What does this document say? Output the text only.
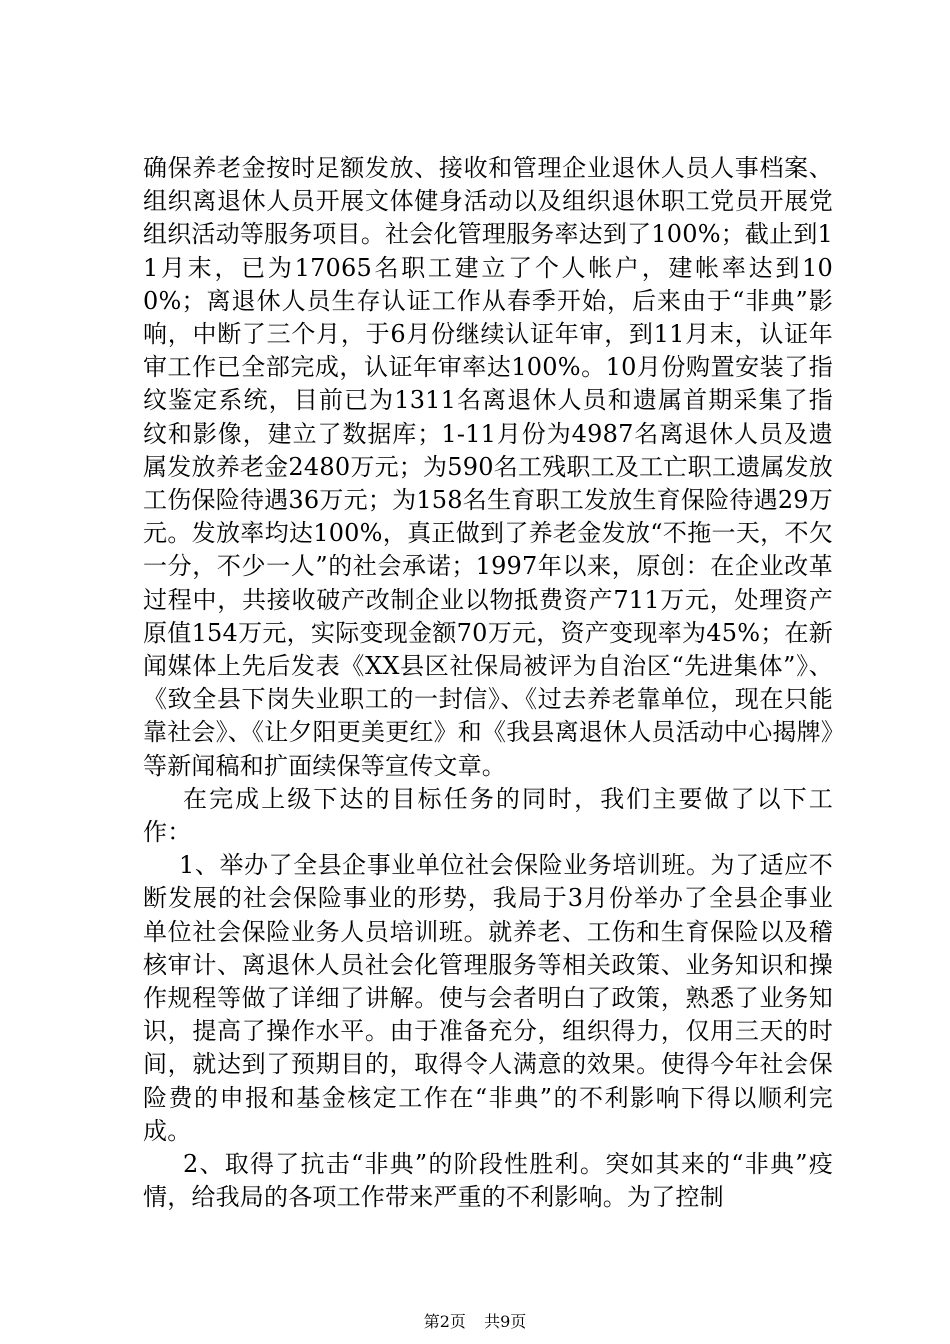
确保养老金按时足额发放、接收和管理企业退休人员人事档案、组织离退休人员开展文体健身活动以及组织退休职工党员开展党组织活动等服务项目。社会化管理服务率达到了100%；截止到11月末，已为17065名职工建立了个人帐户，建帐率达到100%；离退休人员生存认证工作从春季开始，后来由于“非典”影响，中断了三个月，于6月份继续认证年审，到11月末，认证年审工作已全部完成，认证年审率达100%。10月份购置安装了指纹鉴定系统，目前已为1311名离退休人员和遗属首期采集了指纹和影像，建立了数据库；1-11月份为4987名离退休人员及遗属发放养老金2480万元；为590名工残职工及工亡职工遗属发放工伤保险待遇36万元；为158名生育职工发放生育保险待遇29万元。发放率均达100%，真正做到了养老金发放“不拖一天，不欠一分，不少一人”的社会承诺；1997年以来，原创：在企业改革过程中，共接收破产改制企业以物抵费资产711万元，处理资产原值154万元，实际变现金额70万元，资产变现率为45%；在新闻媒体上先后发表《XX县区社保局被评为自治区“先进集体”》、《致全县下岗失业职工的一封信》、《过去养老靠单位，现在只能靠社会》、《让夕阳更美更红》和《我县离退休人员活动中心揭牌》等新闻稿和扩面续保等宣传文章。

在完成上级下达的目标任务的同时，我们主要做了以下工作：

1、举办了全县企事业单位社会保险业务培训班。为了适应不断发展的社会保险事业的形势，我局于3月份举办了全县企事业单位社会保险业务人员培训班。就养老、工伤和生育保险以及稽核审计、离退休人员社会化管理服务等相关政策、业务知识和操作规程等做了详细了讲解。使与会者明白了政策，熟悉了业务知识，提高了操作水平。由于准备充分，组织得力，仅用三天的时间，就达到了预期目的，取得令人满意的效果。使得今年社会保险费的申报和基金核定工作在“非典”的不利影响下得以顺利完成。

2、取得了抗击“非典”的阶段性胜利。突如其来的“非典”疫情，给我局的各项工作带来严重的不利影响。为了控制

第2页 共9页
